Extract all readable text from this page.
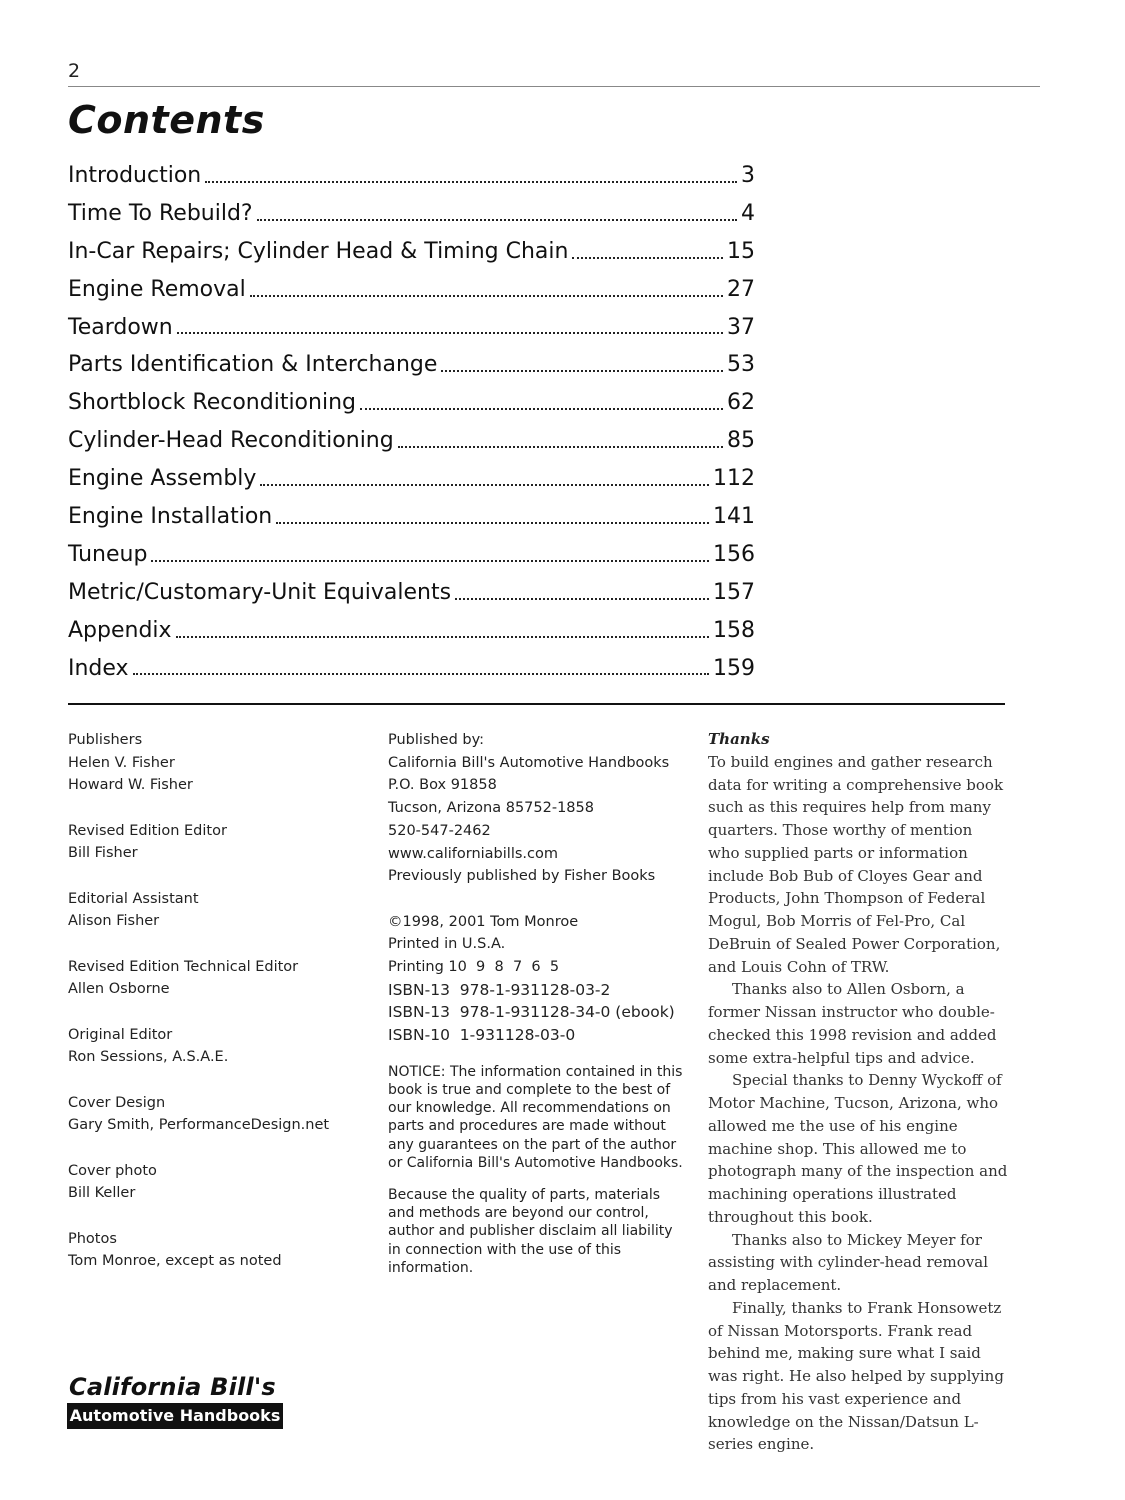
2
Contents
Introduction	3
Time To Rebuild?	4
In-Car Repairs; Cylinder Head & Timing Chain	15
Engine Removal	27
Teardown	37
Parts Identification & Interchange	53
Shortblock Reconditioning	62
Cylinder-Head Reconditioning	85
Engine Assembly	112
Engine Installation	141
Tuneup	156
Metric/Customary-Unit Equivalents	157
Appendix	158
Index	159
Publishers
Helen V. Fisher
Howard W. Fisher
Revised Edition Editor
Bill Fisher
Editorial Assistant
Alison Fisher
Revised Edition Technical Editor
Allen Osborne
Original Editor
Ron Sessions, A.S.A.E.
Cover Design
Gary Smith, PerformanceDesign.net
Cover photo
Bill Keller
Photos
Tom Monroe, except as noted
Published by:
California Bill's Automotive Handbooks
P.O. Box 91858
Tucson, Arizona 85752-1858
520-547-2462
www.californiabills.com
Previously published by Fisher Books
©1998, 2001 Tom Monroe
Printed in U.S.A.
Printing 10  9  8  7  6  5
ISBN-13  978-1-931128-03-2
ISBN-13  978-1-931128-34-0 (ebook)
ISBN-10  1-931128-03-0

NOTICE: The information contained in this book is true and complete to the best of our knowledge. All recommendations on parts and procedures are made without any guarantees on the part of the author or California Bill's Automotive Handbooks.

Because the quality of parts, materials and methods are beyond our control, author and publisher disclaim all liability in connection with the use of this information.

Thanks

To build engines and gather research data for writing a comprehensive book such as this requires help from many quarters. Those worthy of mention who supplied parts or information include Bob Bub of Cloyes Gear and Products, John Thompson of Federal Mogul, Bob Morris of Fel-Pro, Cal DeBruin of Sealed Power Corporation, and Louis Cohn of TRW.

Thanks also to Allen Osborn, a former Nissan instructor who double-checked this 1998 revision and added some extra-helpful tips and advice.

Special thanks to Denny Wyckoff of Motor Machine, Tucson, Arizona, who allowed me the use of his engine machine shop. This allowed me to photograph many of the inspection and machining operations illustrated throughout this book.

Thanks also to Mickey Meyer for assisting with cylinder-head removal and replacement.

Finally, thanks to Frank Honsowetz of Nissan Motorsports. Frank read behind me, making sure what I said was right. He also helped by supplying tips from his vast experience and knowledge on the Nissan/Datsun L-series engine.

California Bill's
Automotive Handbooks
